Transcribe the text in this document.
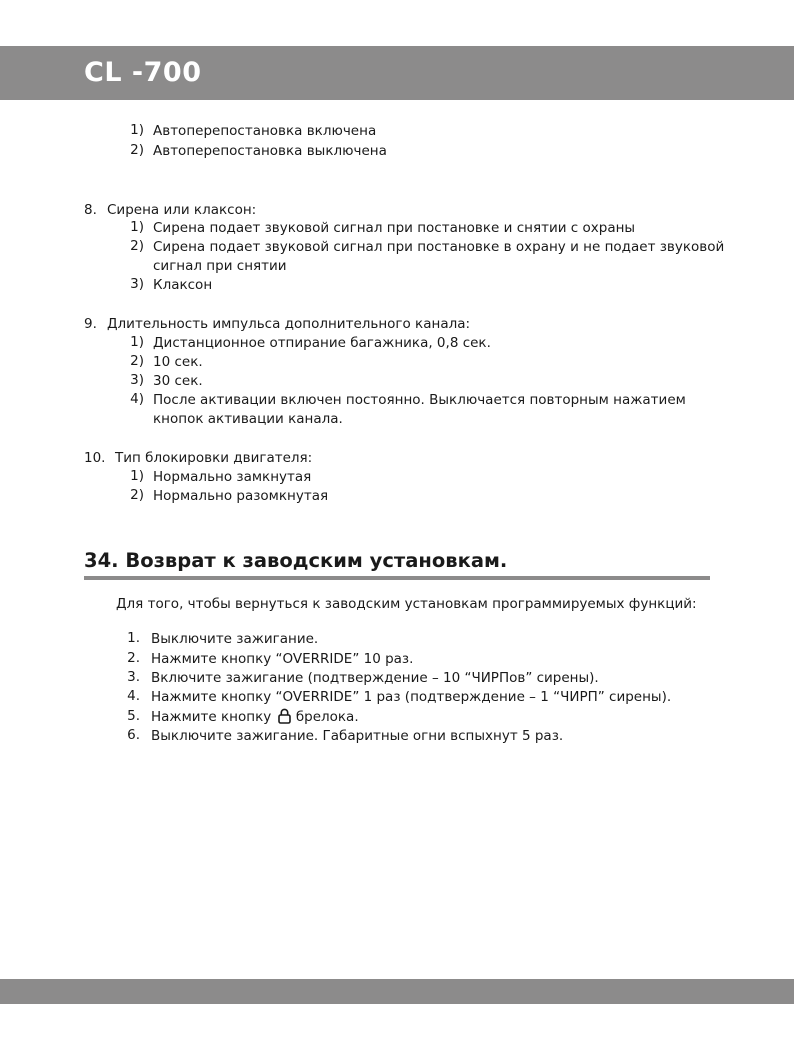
CL -700
1) Автоперепостановка включена
2) Автоперепостановка выключена
8. Сирена или клаксон:
1) Сирена подает звуковой сигнал при постановке и снятии с охраны
2) Сирена подает звуковой сигнал при постановке в охрану и не подает звуковой
сигнал при снятии
3) Клаксон
9. Длительность импульса дополнительного канала:
1) Дистанционное отпирание багажника, 0,8 сек.
2) 10 сек.
3) 30 сек.
4) После активации включен постоянно. Выключается повторным нажатием
кнопок активации канала.
10. Тип блокировки двигателя:
1) Нормально замкнутая
2) Нормально разомкнутая
34. Возврат к заводским установкам.
Для того, чтобы вернуться к заводским установкам программируемых функций:
1. Выключите зажигание.
2. Нажмите кнопку “OVERRIDE” 10 раз.
3. Включите зажигание (подтверждение – 10 “ЧИРПов” сирены).
4. Нажмите кнопку “OVERRIDE” 1 раз (подтверждение – 1 “ЧИРП” сирены).
5. Нажмите кнопку брелока.
6. Выключите зажигание. Габаритные огни вспыхнут 5 раз.
